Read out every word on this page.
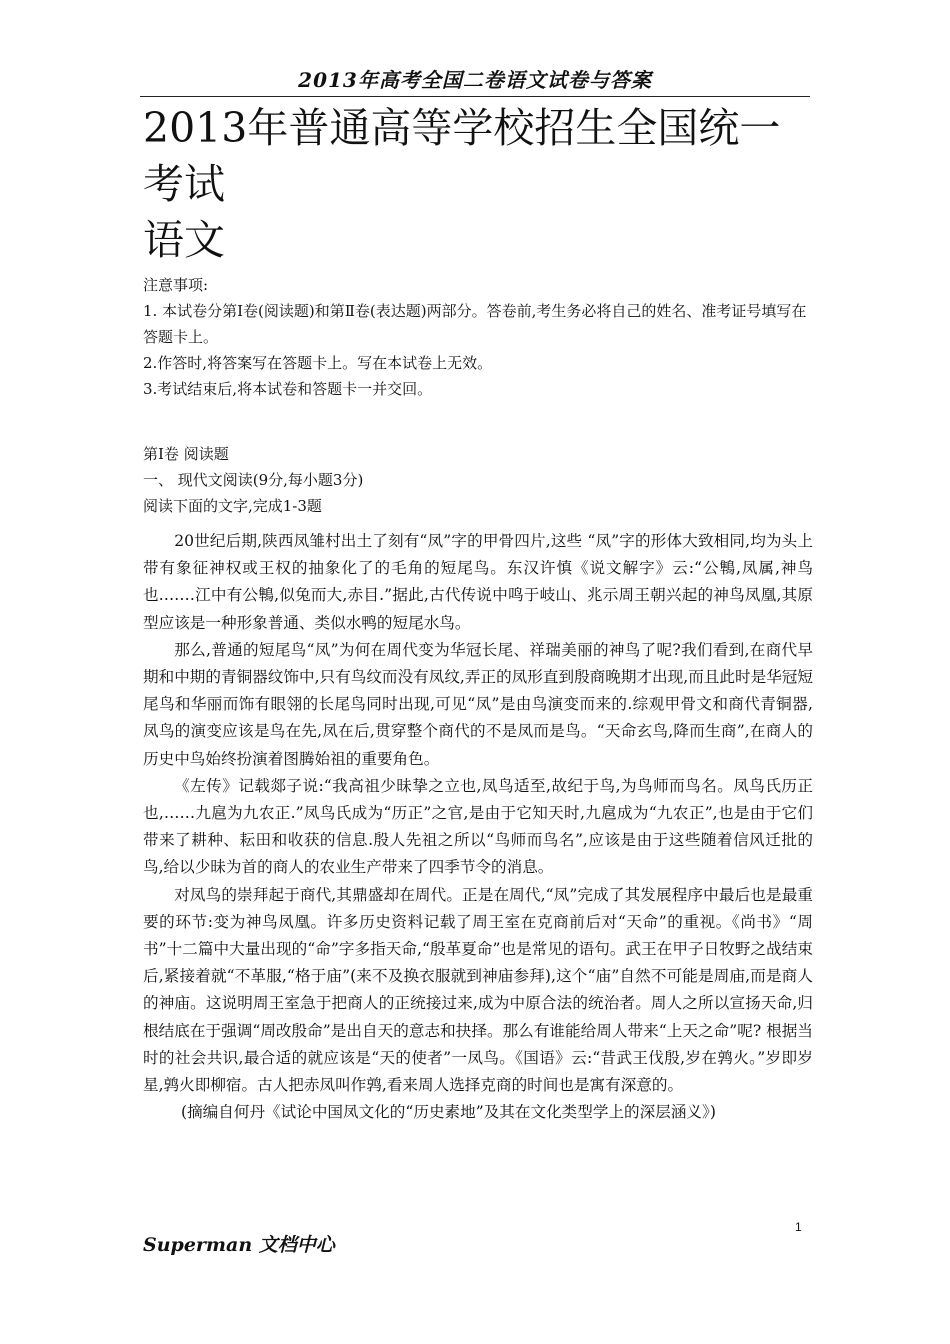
2013年高考全国二卷语文试卷与答案
2013年普通高等学校招生全国统一考试
语文

注意事项:

1. 本试卷分第Ⅰ卷(阅读题)和第Ⅱ卷(表达题)两部分。答卷前,考生务必将自己的姓名、准考证号填写在答题卡上。

2.作答时,将答案写在答题卡上。写在本试卷上无效。

3.考试结束后,将本试卷和答题卡一并交回。

第Ⅰ卷 阅读题

一、 现代文阅读(9分,每小题3分)

阅读下面的文字,完成1-3题

20世纪后期,陕西凤雏村出土了刻有“凤”字的甲骨四片,这些 “凤”字的形体大致相同,均为头上带有象征神权或王权的抽象化了的毛角的短尾鸟。东汉许慎《说文解字》云:“公鶽,凤属,神鸟也.……江中有公鶽,似兔而大,赤目.”据此,古代传说中鸣于岐山、兆示周王朝兴起的神鸟凤凰,其原型应该是一种形象普通、类似水鸭的短尾水鸟。

那么,普通的短尾鸟“凤”为何在周代变为华冠长尾、祥瑞美丽的神鸟了呢?我们看到,在商代早期和中期的青铜器纹饰中,只有鸟纹而没有凤纹,弄正的凤形直到殷商晚期才出现,而且此时是华冠短尾鸟和华丽而饰有眼翎的长尾鸟同时出现,可见“凤”是由鸟演变而来的.综观甲骨文和商代青铜器,凤鸟的演变应该是鸟在先,凤在后,贯穿整个商代的不是凤而是鸟。“天命玄鸟,降而生商”,在商人的历史中鸟始终扮演着图腾始祖的重要角色。

《左传》记载郯子说:“我高祖少昧挚之立也,凤鸟适至,故纪于鸟,为鸟师而鸟名。凤鸟氏历正也,……九扈为九农正.”凤鸟氏成为“历正”之官,是由于它知天时,九扈成为“九农正”,也是由于它们带来了耕种、耘田和收获的信息.殷人先祖之所以“鸟师而鸟名”,应该是由于这些随着信风迁批的鸟,给以少昧为首的商人的农业生产带来了四季节令的消息。

对凤鸟的崇拜起于商代,其鼎盛却在周代。正是在周代,“凤”完成了其发展程序中最后也是最重要的环节:变为神鸟凤凰。许多历史资料记载了周王室在克商前后对“天命”的重视。《尚书》“周书”十二篇中大量出现的“命”字多指天命,“殷革夏命”也是常见的语句。武王在甲子日牧野之战结束后,紧接着就“不革服,“格于庙”(来不及换衣服就到神庙参拜),这个“庙”自然不可能是周庙,而是商人的神庙。这说明周王室急于把商人的正统接过来,成为中原合法的统治者。周人之所以宣扬天命,归根结底在于强调“周改殷命”是出自天的意志和抉择。那么有谁能给周人带来“上天之命”呢? 根据当时的社会共识,最合适的就应该是“天的使者”一凤鸟。《国语》云:“昔武王伐殷,岁在鹑火。”岁即岁星,鹑火即柳宿。古人把赤凤叫作鹑,看来周人选择克商的时间也是寓有深意的。

(摘编自何丹《试论中国凤文化的“历史素地”及其在文化类型学上的深层涵义》)

1
Superman 文档中心
